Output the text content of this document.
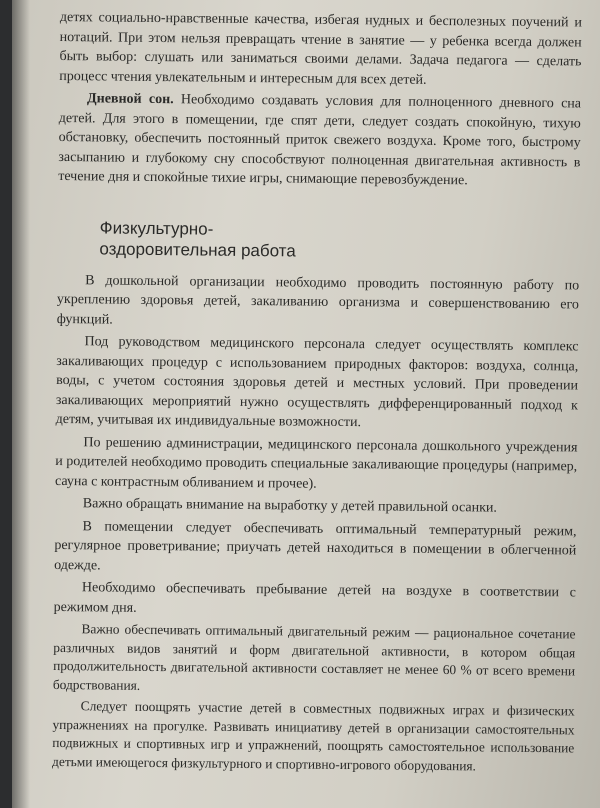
детях социально-нравственные качества, избегая нудных и бесполезных поучений и нотаций. При этом нельзя превращать чтение в занятие — у ребенка всегда должен быть выбор: слушать или заниматься своими делами. Задача педагога — сделать процесс чтения увлекательным и интересным для всех детей.

Дневной сон. Необходимо создавать условия для полноценного дневного сна детей. Для этого в помещении, где спят дети, следует создать спокойную, тихую обстановку, обеспечить постоянный приток свежего воздуха. Кроме того, быстрому засыпанию и глубокому сну способствуют полноценная двигательная активность в течение дня и спокойные тихие игры, снимающие перевозбуждение.

Физкультурно-
оздоровительная работа

В дошкольной организации необходимо проводить постоянную работу по укреплению здоровья детей, закаливанию организма и совершенствованию его функций.

Под руководством медицинского персонала следует осуществлять комплекс закаливающих процедур с использованием природных факторов: воздуха, солнца, воды, с учетом состояния здоровья детей и местных условий. При проведении закаливающих мероприятий нужно осуществлять дифференцированный подход к детям, учитывая их индивидуальные возможности.

По решению администрации, медицинского персонала дошкольного учреждения и родителей необходимо проводить специальные закаливающие процедуры (например, сауна с контрастным обливанием и прочее).

Важно обращать внимание на выработку у детей правильной осанки.

В помещении следует обеспечивать оптимальный температурный режим, регулярное проветривание; приучать детей находиться в помещении в облегченной одежде.

Необходимо обеспечивать пребывание детей на воздухе в соответствии с режимом дня.

Важно обеспечивать оптимальный двигательный режим — рациональное сочетание различных видов занятий и форм двигательной активности, в котором общая продолжительность двигательной активности составляет не менее 60 % от всего времени бодрствования.

Следует поощрять участие детей в совместных подвижных играх и физических упражнениях на прогулке. Развивать инициативу детей в организации самостоятельных подвижных и спортивных игр и упражнений, поощрять самостоятельное использование детьми имеющегося физкультурного и спортивно-игрового оборудования.
